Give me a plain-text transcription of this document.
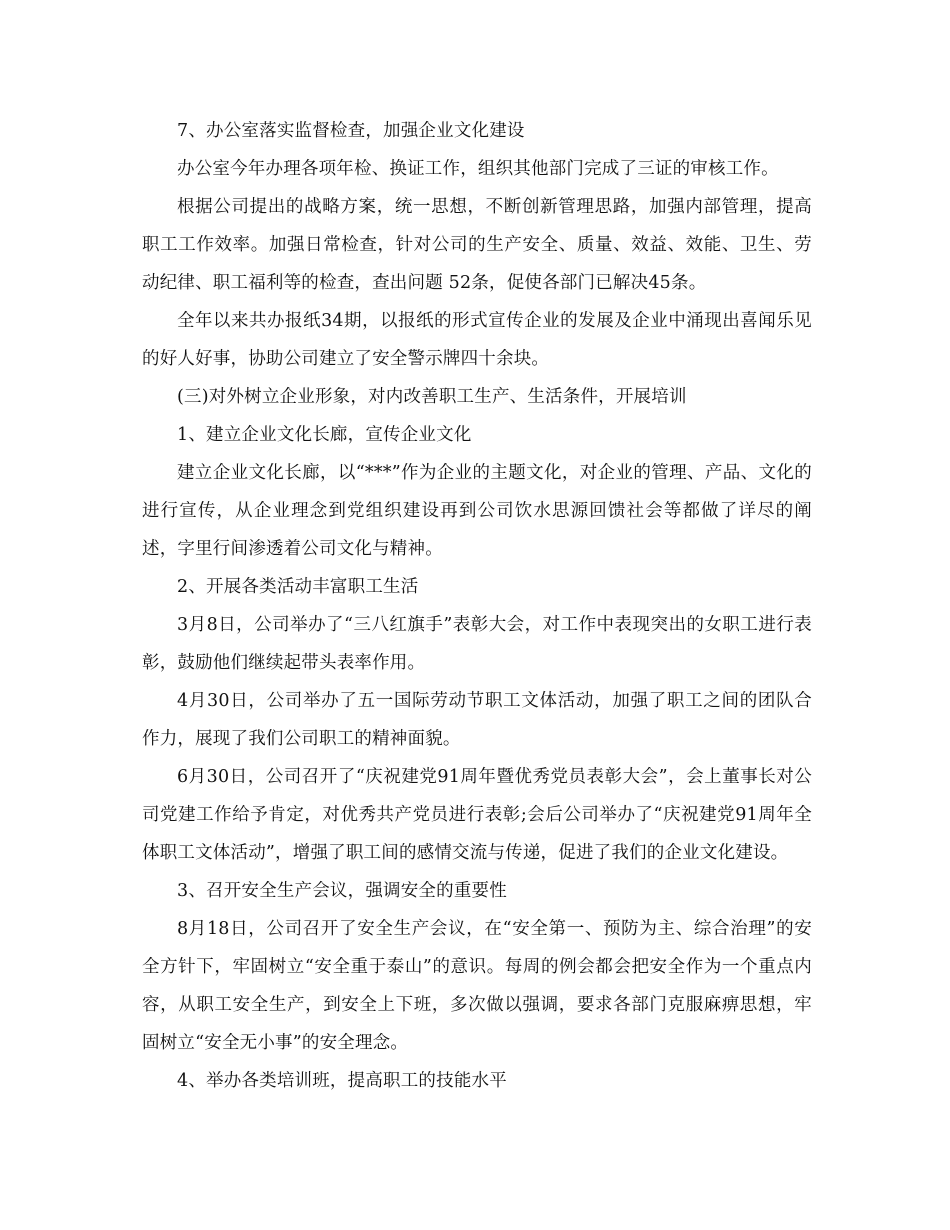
7、办公室落实监督检查，加强企业文化建设

办公室今年办理各项年检、换证工作，组织其他部门完成了三证的审核工作。

根据公司提出的战略方案，统一思想，不断创新管理思路，加强内部管理，提高职工工作效率。加强日常检查，针对公司的生产安全、质量、效益、效能、卫生、劳动纪律、职工福利等的检查，查出问题 52条，促使各部门已解决45条。

全年以来共办报纸34期，以报纸的形式宣传企业的发展及企业中涌现出喜闻乐见的好人好事，协助公司建立了安全警示牌四十余块。

(三)对外树立企业形象，对内改善职工生产、生活条件，开展培训

1、建立企业文化长廊，宣传企业文化

建立企业文化长廊，以“***”作为企业的主题文化，对企业的管理、产品、文化的进行宣传，从企业理念到党组织建设再到公司饮水思源回馈社会等都做了详尽的阐述，字里行间渗透着公司文化与精神。

2、开展各类活动丰富职工生活

3月8日，公司举办了“三八红旗手”表彰大会，对工作中表现突出的女职工进行表彰，鼓励他们继续起带头表率作用。

4月30日，公司举办了五一国际劳动节职工文体活动，加强了职工之间的团队合作力，展现了我们公司职工的精神面貌。

6月30日，公司召开了“庆祝建党91周年暨优秀党员表彰大会”，会上董事长对公司党建工作给予肯定，对优秀共产党员进行表彰;会后公司举办了“庆祝建党91周年全体职工文体活动”，增强了职工间的感情交流与传递，促进了我们的企业文化建设。

3、召开安全生产会议，强调安全的重要性

8月18日，公司召开了安全生产会议，在“安全第一、预防为主、综合治理”的安全方针下，牢固树立“安全重于泰山”的意识。每周的例会都会把安全作为一个重点内容，从职工安全生产，到安全上下班，多次做以强调，要求各部门克服麻痹思想，牢固树立“安全无小事”的安全理念。

4、举办各类培训班，提高职工的技能水平
